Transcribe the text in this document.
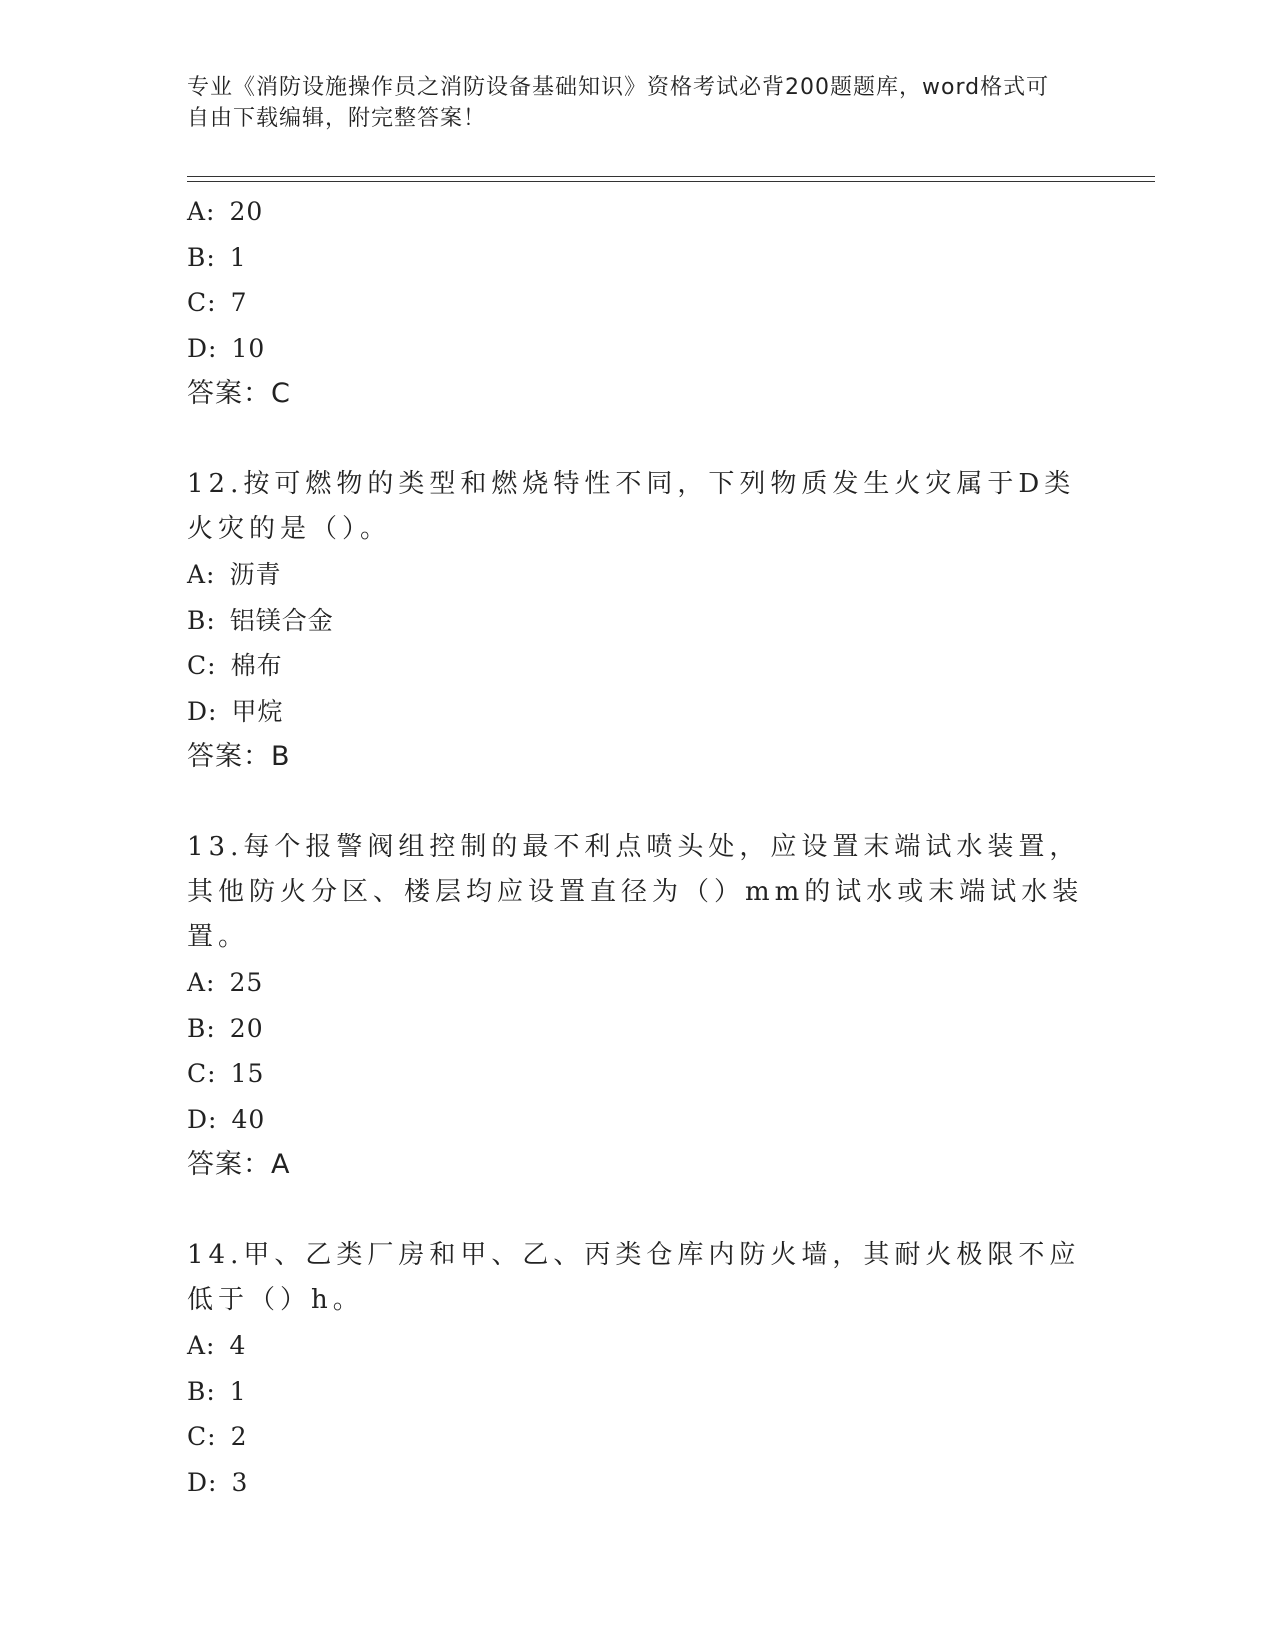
专业《消防设施操作员之消防设备基础知识》资格考试必背200题题库，word格式可自由下载编辑，附完整答案！
A: 20
B: 1
C: 7
D: 10
答案：C
12.按可燃物的类型和燃烧特性不同，下列物质发生火灾属于D类火灾的是（）。
A: 沥青
B: 铝镁合金
C: 棉布
D: 甲烷
答案：B
13.每个报警阀组控制的最不利点喷头处，应设置末端试水装置，其他防火分区、楼层均应设置直径为（）mm的试水或末端试水装置。
A: 25
B: 20
C: 15
D: 40
答案：A
14.甲、乙类厂房和甲、乙、丙类仓库内防火墙，其耐火极限不应低于（）h。
A: 4
B: 1
C: 2
D: 3
